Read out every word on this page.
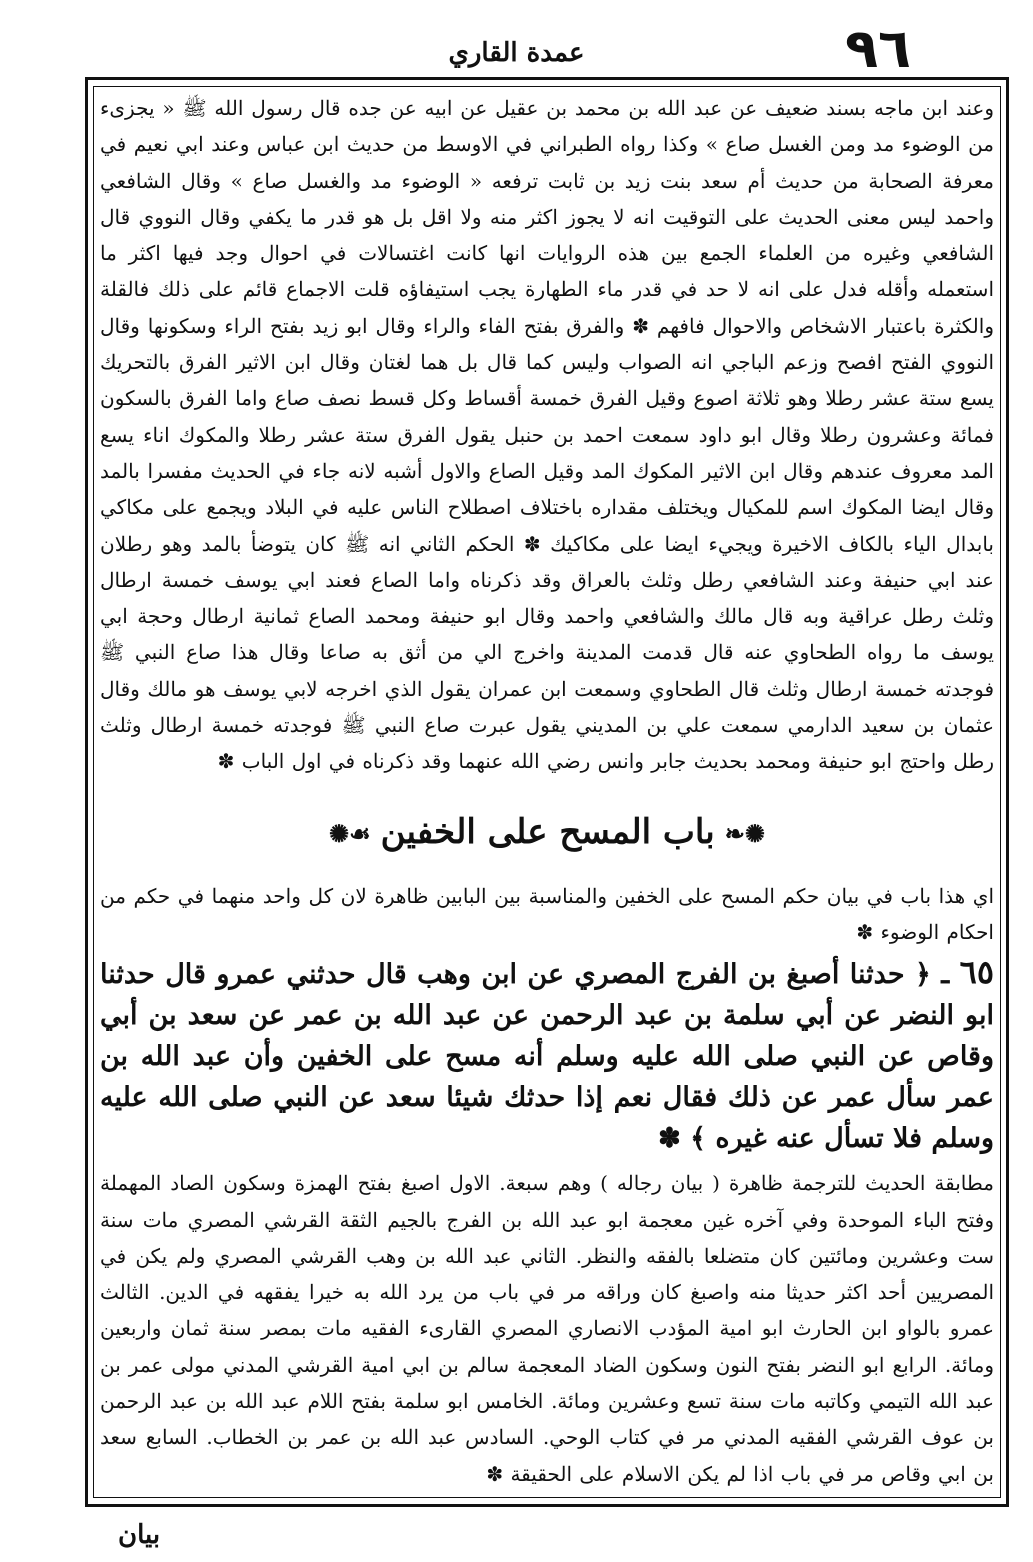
٩٦
عمدة القاري

وعند ابن ماجه بسند ضعيف عن عبد الله بن محمد بن عقيل عن ابيه عن جده قال رسول الله ﷺ « يجزىء من الوضوء مد ومن الغسل صاع » وكذا رواه الطبراني في الاوسط من حديث ابن عباس وعند ابي نعيم في معرفة الصحابة من حديث أم سعد بنت زيد بن ثابت ترفعه « الوضوء مد والغسل صاع » وقال الشافعي واحمد ليس معنى الحديث على التوقيت انه لا يجوز اكثر منه ولا اقل بل هو قدر ما يكفي وقال النووي قال الشافعي وغيره من العلماء الجمع بين هذه الروايات انها كانت اغتسالات في احوال وجد فيها اكثر ما استعمله وأقله فدل على انه لا حد في قدر ماء الطهارة يجب استيفاؤه قلت الاجماع قائم على ذلك فالقلة والكثرة باعتبار الاشخاص والاحوال فافهم ✽ والفرق بفتح الفاء والراء وقال ابو زيد بفتح الراء وسكونها وقال النووي الفتح افصح وزعم الباجي انه الصواب وليس كما قال بل هما لغتان وقال ابن الاثير الفرق بالتحريك يسع ستة عشر رطلا وهو ثلاثة اصوع وقيل الفرق خمسة أقساط وكل قسط نصف صاع واما الفرق بالسكون فمائة وعشرون رطلا وقال ابو داود سمعت احمد بن حنبل يقول الفرق ستة عشر رطلا والمكوك اناء يسع المد معروف عندهم وقال ابن الاثير المكوك المد وقيل الصاع والاول أشبه لانه جاء في الحديث مفسرا بالمد وقال ايضا المكوك اسم للمكيال ويختلف مقداره باختلاف اصطلاح الناس عليه في البلاد ويجمع على مكاكي بابدال الياء بالكاف الاخيرة ويجيء ايضا على مكاكيك ✽ الحكم الثاني انه ﷺ كان يتوضأ بالمد وهو رطلان عند ابي حنيفة وعند الشافعي رطل وثلث بالعراق وقد ذكرناه واما الصاع فعند ابي يوسف خمسة ارطال وثلث رطل عراقية وبه قال مالك والشافعي واحمد وقال ابو حنيفة ومحمد الصاع ثمانية ارطال وحجة ابي يوسف ما رواه الطحاوي عنه قال قدمت المدينة واخرج الي من أثق به صاعا وقال هذا صاع النبي ﷺ فوجدته خمسة ارطال وثلث قال الطحاوي وسمعت ابن عمران يقول الذي اخرجه لابي يوسف هو مالك وقال عثمان بن سعيد الدارمي سمعت علي بن المديني يقول عبرت صاع النبي ﷺ فوجدته خمسة ارطال وثلث رطل واحتج ابو حنيفة ومحمد بحديث جابر وانس رضي الله عنهما وقد ذكرناه في اول الباب ✽

✺❧باب المسح على الخفين☙✺

اي هذا باب في بيان حكم المسح على الخفين والمناسبة بين البابين ظاهرة لان كل واحد منهما في حكم من احكام الوضوء ✽

٦٥ ـ ﴿ حدثنا أصبغ بن الفرج المصري عن ابن وهب قال حدثني عمرو قال حدثنا ابو النضر عن أبي سلمة بن عبد الرحمن عن عبد الله بن عمر عن سعد بن أبي وقاص عن النبي صلى الله عليه وسلم أنه مسح على الخفين وأن عبد الله بن عمر سأل عمر عن ذلك فقال نعم إذا حدثك شيئا سعد عن النبي صلى الله عليه وسلم فلا تسأل عنه غيره ﴾ ✽

مطابقة الحديث للترجمة ظاهرة ( بيان رجاله ) وهم سبعة. الاول اصبغ بفتح الهمزة وسكون الصاد المهملة وفتح الباء الموحدة وفي آخره غين معجمة ابو عبد الله بن الفرج بالجيم الثقة القرشي المصري مات سنة ست وعشرين ومائتين كان متضلعا بالفقه والنظر. الثاني عبد الله بن وهب القرشي المصري ولم يكن في المصريين أحد اكثر حديثا منه واصبغ كان وراقه مر في باب من يرد الله به خيرا يفقهه في الدين. الثالث عمرو بالواو ابن الحارث ابو امية المؤدب الانصاري المصري القارىء الفقيه مات بمصر سنة ثمان واربعين ومائة. الرابع ابو النضر بفتح النون وسكون الضاد المعجمة سالم بن ابي امية القرشي المدني مولى عمر بن عبد الله التيمي وكاتبه مات سنة تسع وعشرين ومائة. الخامس ابو سلمة بفتح اللام عبد الله بن عبد الرحمن بن عوف القرشي الفقيه المدني مر في كتاب الوحي. السادس عبد الله بن عمر بن الخطاب. السابع سعد بن ابي وقاص مر في باب اذا لم يكن الاسلام على الحقيقة ✽

بيان
